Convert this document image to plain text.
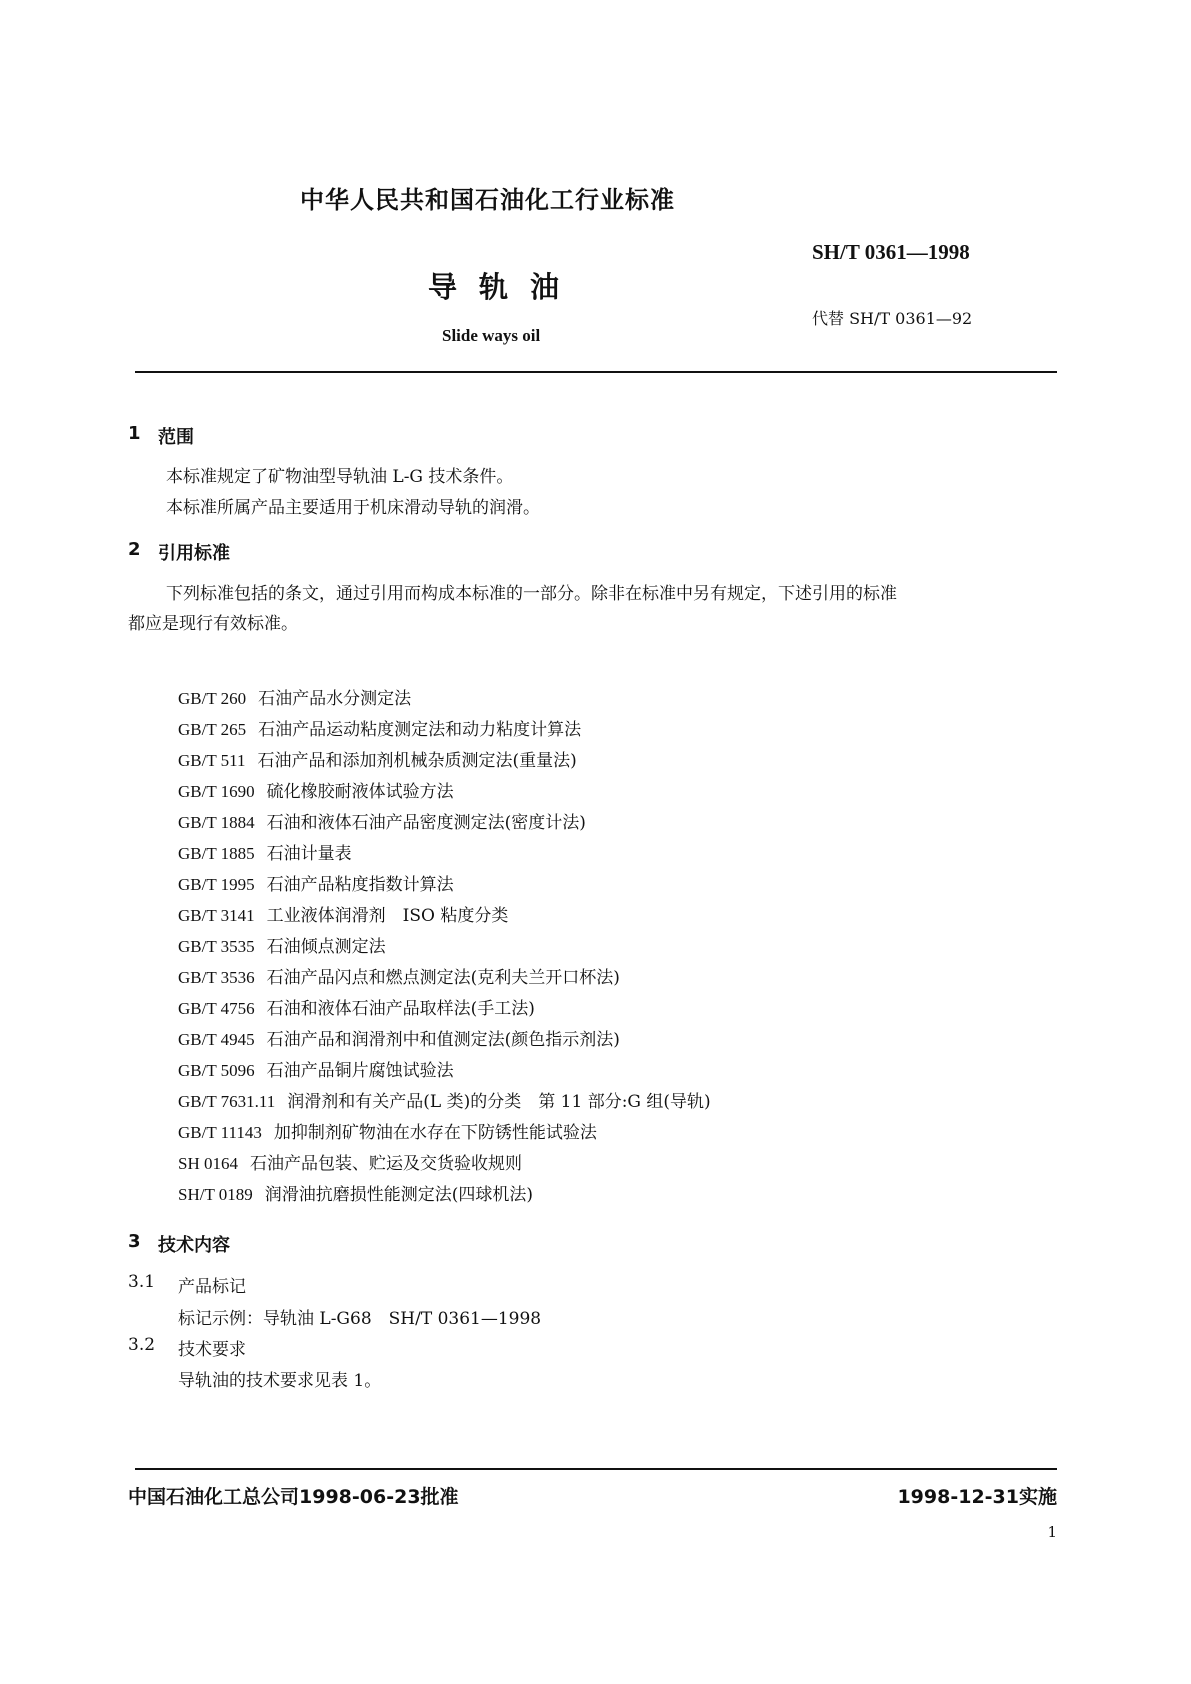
中华人民共和国石油化工行业标准
SH/T 0361—1998
导轨油
代替 SH/T 0361—92
Slide ways oil
1 范围
本标准规定了矿物油型导轨油 L-G 技术条件。
本标准所属产品主要适用于机床滑动导轨的润滑。
2 引用标准
下列标准包括的条文，通过引用而构成本标准的一部分。除非在标准中另有规定，下述引用的标准
都应是现行有效标准。
GB/T 260 石油产品水分测定法
GB/T 265 石油产品运动粘度测定法和动力粘度计算法
GB/T 511 石油产品和添加剂机械杂质测定法(重量法)
GB/T 1690 硫化橡胶耐液体试验方法
GB/T 1884 石油和液体石油产品密度测定法(密度计法)
GB/T 1885 石油计量表
GB/T 1995 石油产品粘度指数计算法
GB/T 3141 工业液体润滑剂　ISO 粘度分类
GB/T 3535 石油倾点测定法
GB/T 3536 石油产品闪点和燃点测定法(克利夫兰开口杯法)
GB/T 4756 石油和液体石油产品取样法(手工法)
GB/T 4945 石油产品和润滑剂中和值测定法(颜色指示剂法)
GB/T 5096 石油产品铜片腐蚀试验法
GB/T 7631.11 润滑剂和有关产品(L 类)的分类　第 11 部分:G 组(导轨)
GB/T 11143 加抑制剂矿物油在水存在下防锈性能试验法
SH 0164 石油产品包装、贮运及交货验收规则
SH/T 0189 润滑油抗磨损性能测定法(四球机法)
3 技术内容
3.1 产品标记
标记示例：导轨油 L-G68　SH/T 0361—1998
3.2 技术要求
导轨油的技术要求见表 1。
中国石油化工总公司1998-06-23批准	1998-12-31实施
1
